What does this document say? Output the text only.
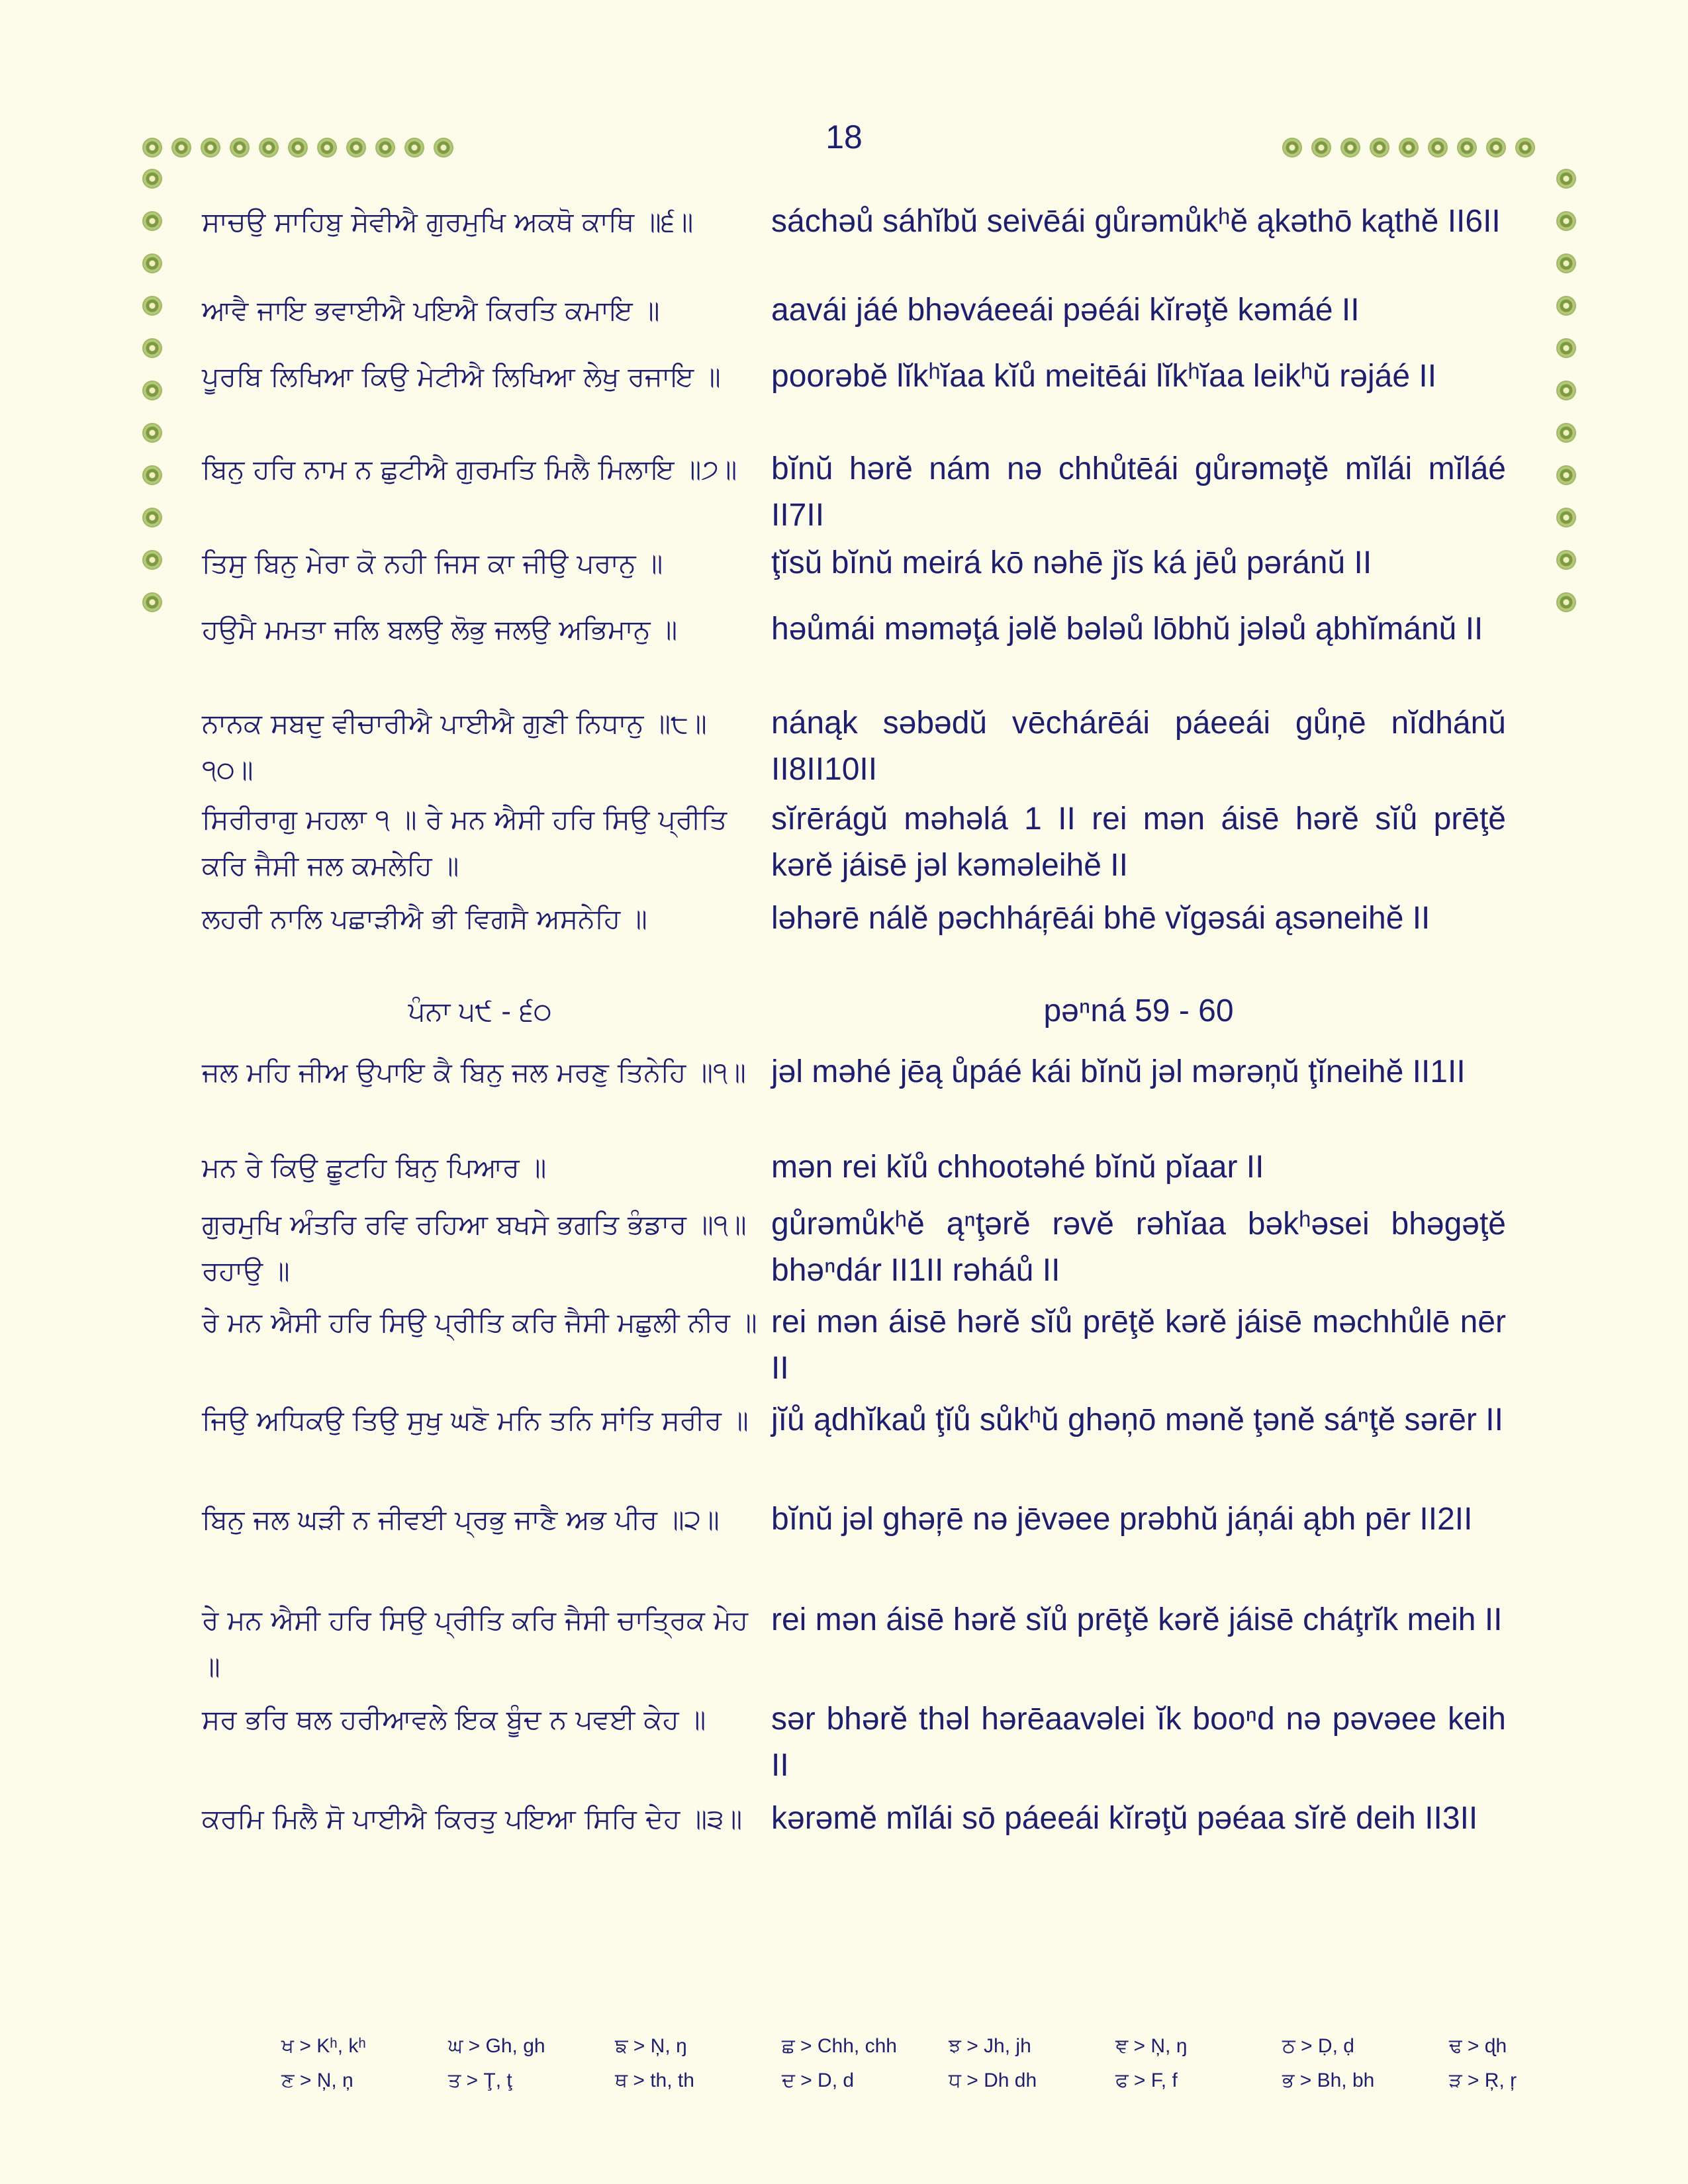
18
ਸਾਚਉ ਸਾਹਿਬੁ ਸੇਵੀਐ ਗੁਰਮੁਖਿ ਅਕਥੋ ਕਾਥਿ ॥੬॥	sáchəů sáhĭbŭ seivēái gůrəmůkʰĕ ąkəthō kąthĕ II6II
ਆਵੈ ਜਾਇ ਭਵਾਈਐ ਪਇਐ ਕਿਰਤਿ ਕਮਾਇ ॥	aavái jáé bhəváeeái pəéái kĭrəţĕ kəmáé II
ਪੂਰਬਿ ਲਿਖਿਆ ਕਿਉ ਮੇਟੀਐ ਲਿਖਿਆ ਲੇਖੁ ਰਜਾਇ ॥	poorəbĕ lĭkʰĭaa kĭů meitēái lĭkʰĭaa leikʰŭ rəjáé II
ਬਿਨੁ ਹਰਿ ਨਾਮ ਨ ਛੁਟੀਐ ਗੁਰਮਤਿ ਮਿਲੈ ਮਿਲਾਇ ॥੭॥	bĭnŭ hərĕ nám nə chhůtēái gůrəməţĕ mĭlái mĭláé II7II
ਤਿਸੁ ਬਿਨੁ ਮੇਰਾ ਕੋ ਨਹੀ ਜਿਸ ਕਾ ਜੀਉ ਪਰਾਨੁ ॥	ţĭsŭ bĭnŭ meirá kō nəhē jĭs ká jēů pəránŭ II
ਹਉਮੈ ਮਮਤਾ ਜਲਿ ਬਲਉ ਲੋਭੁ ਜਲਉ ਅਭਿਮਾਨੁ ॥	həůmái məməţá jəlĕ bələů lōbhŭ jələů ąbhĭmánŭ II
ਨਾਨਕ ਸਬਦੁ ਵੀਚਾਰੀਐ ਪਾਈਐ ਗੁਣੀ ਨਿਧਾਨੁ ॥੮॥੧੦॥
nánąk səbədŭ vēchárēái páeeái gůņē nĭdhánŭ II8II10II
ਸਿਰੀਰਾਗੁ ਮਹਲਾ ੧ ॥ ਰੇ ਮਨ ਐਸੀ ਹਰਿ ਸਿਉ ਪ੍ਰੀਤਿ ਕਰਿ ਜੈਸੀ ਜਲ ਕਮਲੇਹਿ ॥
sĭrērágŭ məhəlá 1 II rei mən áisē hərĕ sĭů prēţĕ kərĕ jáisē jəl kəməleihĕ II
ਲਹਰੀ ਨਾਲਿ ਪਛਾੜੀਐ ਭੀ ਵਿਗਸੈ ਅਸਨੇਹਿ ॥	ləhərē nálĕ pəchháŗēái bhē vĭgəsái ąsəneihĕ II
ਪੰਨਾ ੫੯ - ੬੦	pəⁿná 59 - 60
ਜਲ ਮਹਿ ਜੀਅ ਉਪਾਇ ਕੈ ਬਿਨੁ ਜਲ ਮਰਣੁ ਤਿਨੇਹਿ ॥੧॥ jəl məhé jēą ůpáé kái bĭnŭ jəl mərəņŭ ţĭneihĕ II1II
ਮਨ ਰੇ ਕਿਉ ਛੂਟਹਿ ਬਿਨੁ ਪਿਆਰ ॥	mən rei kĭů chhootəhé bĭnŭ pĭaar II
ਗੁਰਮੁਖਿ ਅੰਤਰਿ ਰਵਿ ਰਹਿਆ ਬਖਸੇ ਭਗਤਿ ਭੰਡਾਰ ॥੧॥ ਰਹਾਉ ॥
gůrəmůkʰĕ ąⁿţərĕ rəvĕ rəhĭaa bəkʰəsei bhəgəţĕ bhəⁿdár II1II rəháů II
ਰੇ ਮਨ ਐਸੀ ਹਰਿ ਸਿਉ ਪ੍ਰੀਤਿ ਕਰਿ ਜੈਸੀ ਮਛੁਲੀ ਨੀਰ ॥ rei mən áisē hərĕ sĭů prēţĕ kərĕ jáisē məchhůlē nēr II
ਜਿਉ ਅਧਿਕਉ ਤਿਉ ਸੁਖੁ ਘਣੋ ਮਨਿ ਤਨਿ ਸਾਂਤਿ ਸਰੀਰ ॥ jĭů ądhĭkaů ţĭů sůkʰŭ ghəņō mənĕ ţənĕ sáⁿţĕ sərēr II
ਬਿਨੁ ਜਲ ਘੜੀ ਨ ਜੀਵਈ ਪ੍ਰਭੁ ਜਾਣੈ ਅਭ ਪੀਰ ॥੨॥	bĭnŭ jəl ghəŗē nə jēvəee prəbhŭ jáņái ąbh pēr II2II
ਰੇ ਮਨ ਐਸੀ ਹਰਿ ਸਿਉ ਪ੍ਰੀਤਿ ਕਰਿ ਜੈਸੀ ਚਾਤ੍ਰਿਕ ਮੇਹ ॥
rei mən áisē hərĕ sĭů prēţĕ kərĕ jáisē cháţrĭk meih II
ਸਰ ਭਰਿ ਥਲ ਹਰੀਆਵਲੇ ਇਕ ਬੂੰਦ ਨ ਪਵਈ ਕੇਹ ॥	sər bhərĕ thəl hərēaavəlei ĭk booⁿd nə pəvəee keih II
ਕਰਮਿ ਮਿਲੈ ਸੋ ਪਾਈਐ ਕਿਰਤੁ ਪਇਆ ਸਿਰਿ ਦੇਹ ॥੩॥ kərəmĕ mĭlái sō páeeái kĭrəţŭ pəéaa sĭrĕ deih II3II
ਖ > Kʰ, kʰ	ਘ > Gh, gh	ਙ > Ņ, ŋ	ਛ > Chh, chh	ਝ > Jh, jh	ਞ > Ņ, ŋ	ਠ > Ḍ, ḍ	ਢ > ɖh
ਣ > Ņ, ņ	ਤ > Ţ, ţ	ਥ > th, th	ਦ > D, d	ਧ > Dh dh	ਫ > F, f	ਭ > Bh, bh	ੜ > Ŗ, ŗ
